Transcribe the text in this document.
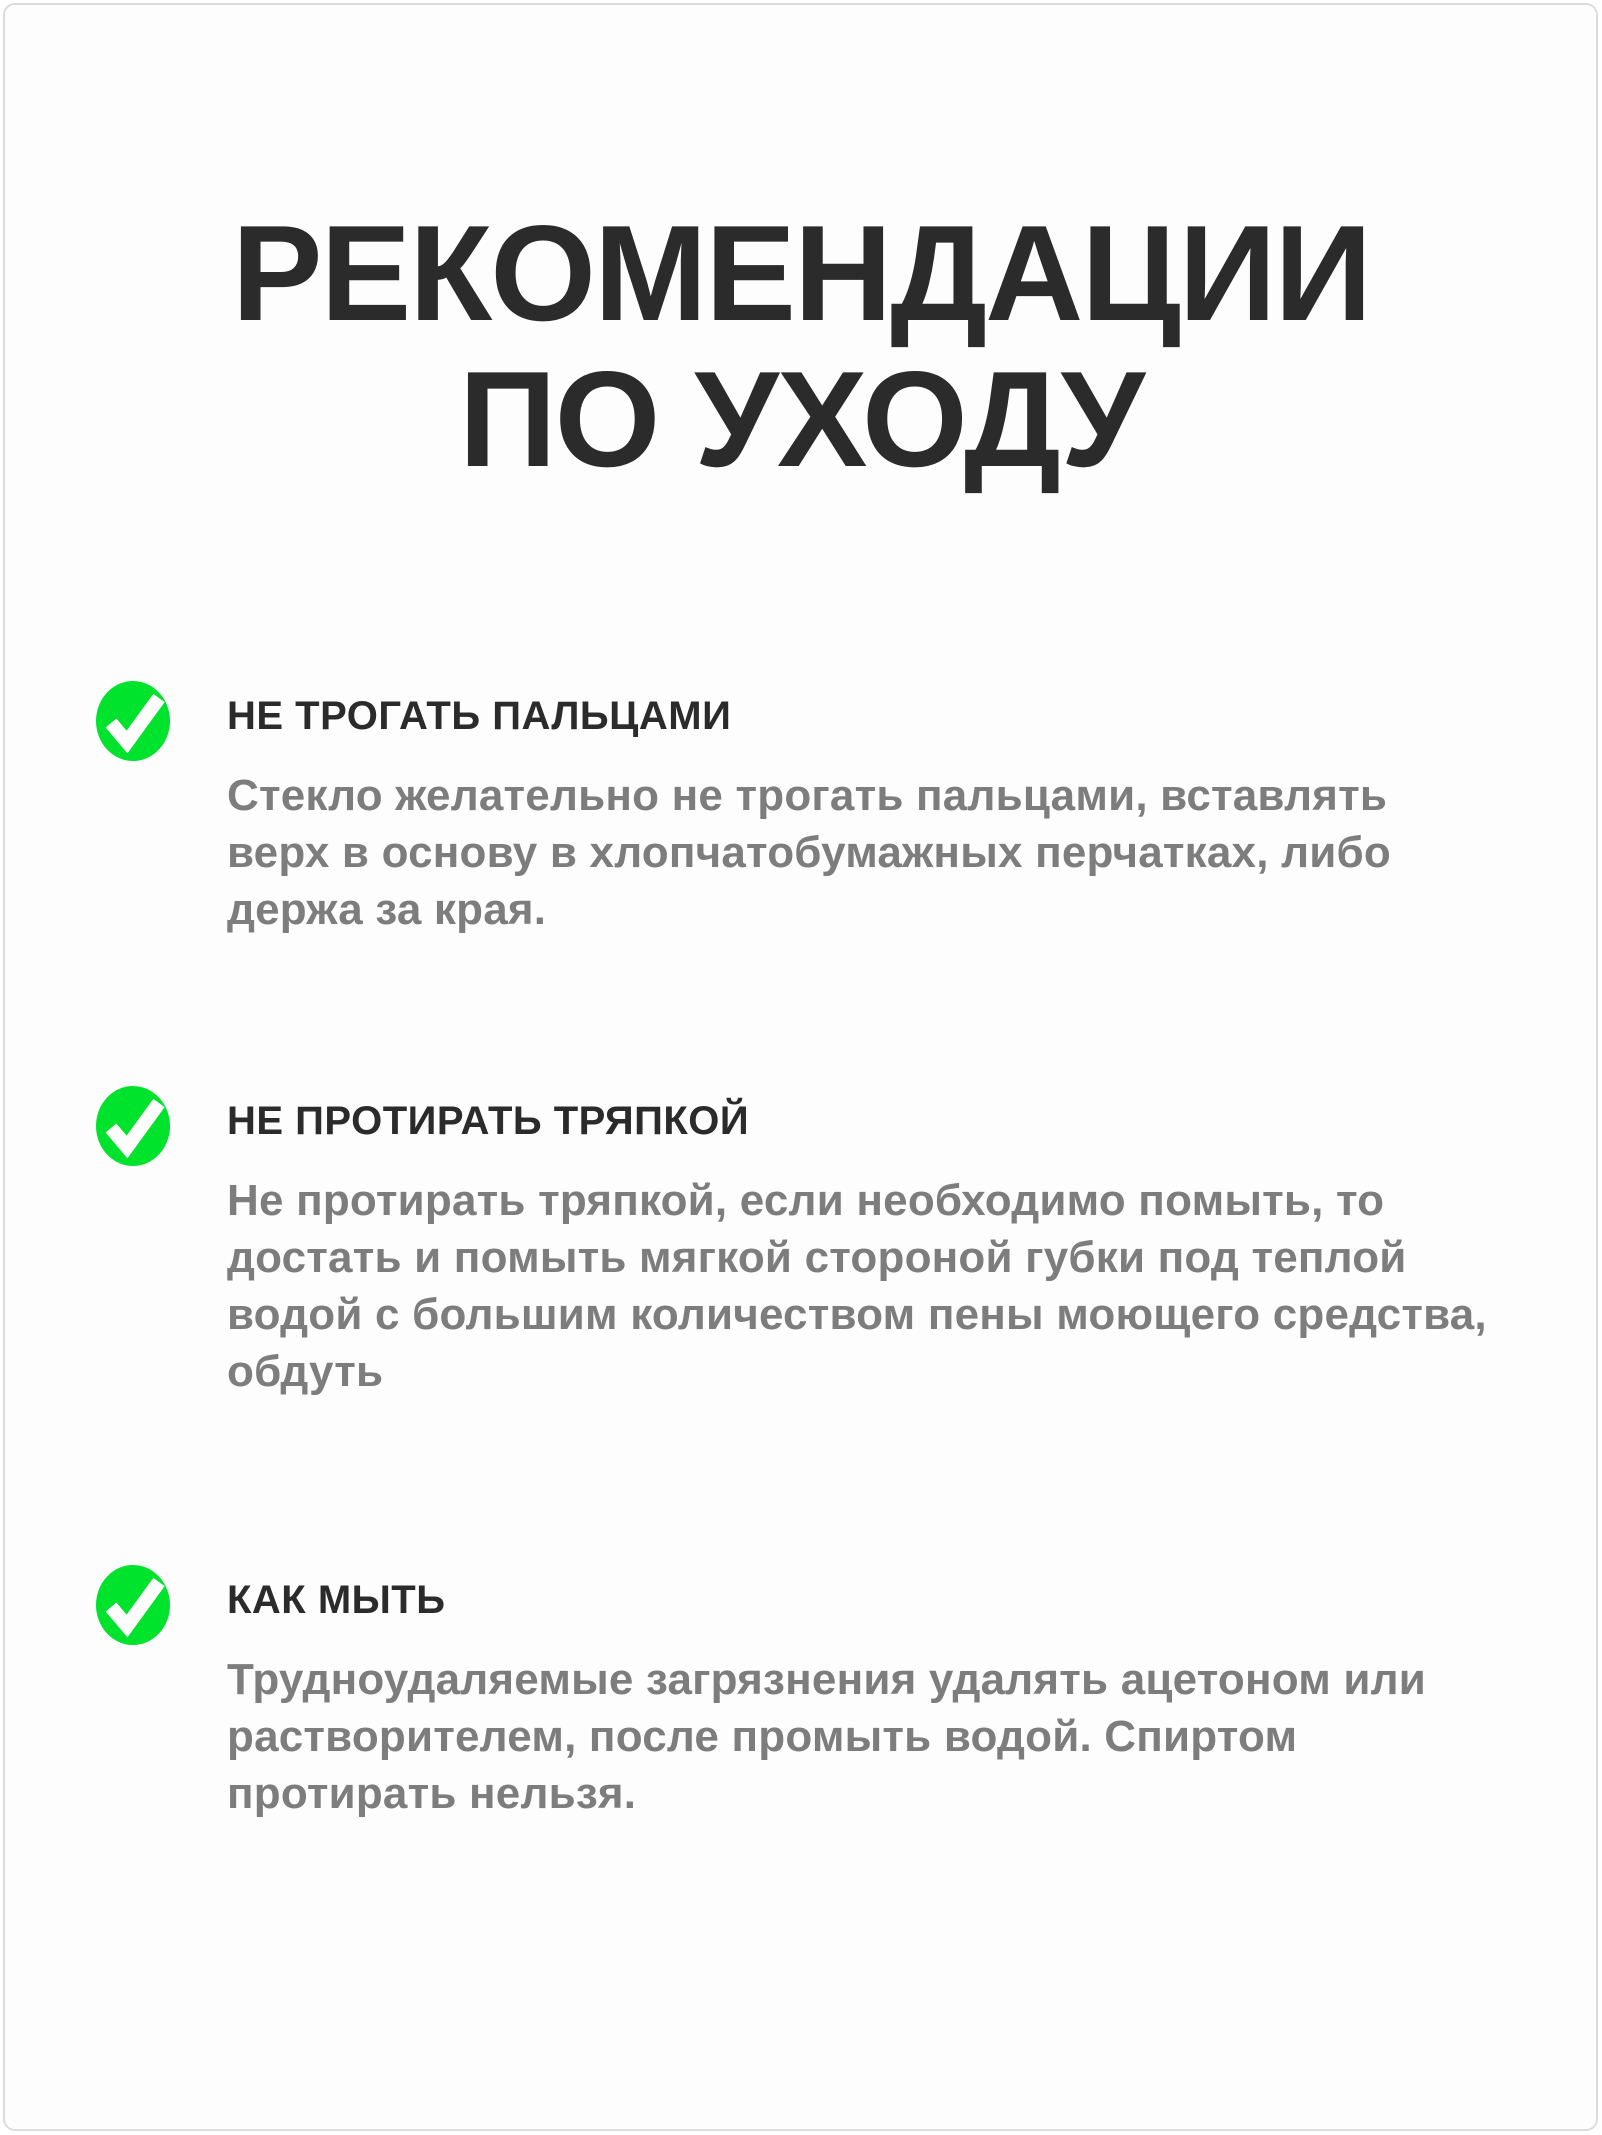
РЕКОМЕНДАЦИИ
ПО УХОДУ
НЕ ТРОГАТЬ ПАЛЬЦАМИ
Стекло желательно не трогать пальцами, вставлять
верх в основу в хлопчатобумажных перчатках, либо
держа за края.
НЕ ПРОТИРАТЬ ТРЯПКОЙ
Не протирать тряпкой, если необходимо помыть, то
достать и помыть мягкой стороной губки под теплой
водой с большим количеством пены моющего средства,
обдуть
КАК МЫТЬ
Трудноудаляемые загрязнения удалять ацетоном или
растворителем, после промыть водой. Спиртом
протирать нельзя.
